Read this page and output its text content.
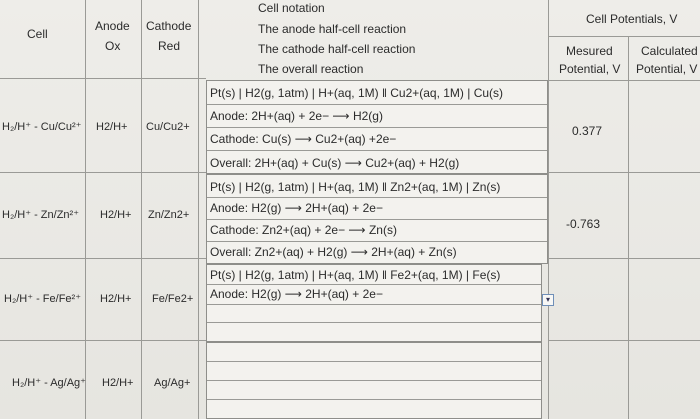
Cell
Anode
Ox
Cathode
Red
Cell notation
The anode half-cell reaction
The cathode half-cell reaction
The overall reaction
Cell Potentials, V
Mesured
Potential, V
Calculated
Potential, V
H₂/H⁺ - Cu/Cu²⁺ H2/H+ Cu/Cu2+
Pt(s) | H2(g, 1atm) | H+(aq, 1M) ‖ Cu2+(aq, 1M) | Cu(s)
Anode: 2H+(aq) + 2e− ⟶ H2(g)
Cathode: Cu(s) ⟶ Cu2+(aq) +2e−
Overall: 2H+(aq) + Cu(s) ⟶ Cu2+(aq) + H2(g)
0.377
H₂/H⁺ - Zn/Zn²⁺ H2/H+ Zn/Zn2+
Pt(s) | H2(g, 1atm) | H+(aq, 1M) ‖ Zn2+(aq, 1M) | Zn(s)
Anode: H2(g) ⟶ 2H+(aq) + 2e−
Cathode: Zn2+(aq) + 2e− ⟶ Zn(s)
Overall: Zn2+(aq) + H2(g) ⟶ 2H+(aq) + Zn(s)
-0.763
H₂/H⁺ - Fe/Fe²⁺ H2/H+ Fe/Fe2+
Pt(s) | H2(g, 1atm) | H+(aq, 1M) ‖ Fe2+(aq, 1M) | Fe(s)
Anode: H2(g) ⟶ 2H+(aq) + 2e−	▾
H₂/H⁺ - Ag/Ag⁺ H2/H+ Ag/Ag+
